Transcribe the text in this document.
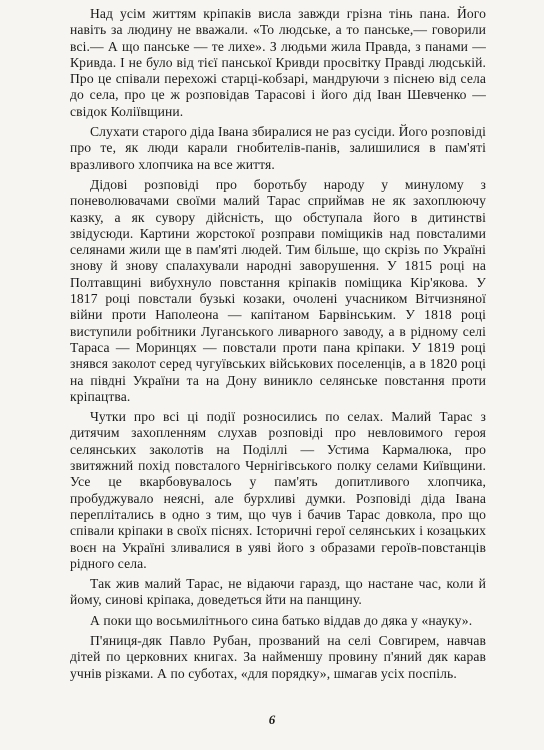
Над усім життям кріпаків висла завжди грізна тінь пана. Його навіть за людину не вважали. «То людське, а то панське,— говорили всі.— А що панське — те лихе». З людьми жила Правда, з панами — Кривда. І не було від тієї панської Кривди просвітку Правді людській. Про це співали перехожі старці-кобзарі, мандруючи з піснею від села до села, про це ж розповідав Тарасові і його дід Іван Шевченко — свідок Коліївщини.

Слухати старого діда Івана збиралися не раз сусіди. Його розповіді про те, як люди карали гнобителів-панів, залишилися в пам'яті вразливого хлопчика на все життя.

Дідові розповіді про боротьбу народу у минулому з поневолювачами своїми малий Тарас сприймав не як захоплюючу казку, а як сувору дійсність, що обступала його в дитинстві звідусюди. Картини жорстокої розправи поміщиків над повсталими селянами жили ще в пам'яті людей. Тим більше, що скрізь по Україні знову й знову спалахували народні заворушення. У 1815 році на Полтавщині вибухнуло повстання кріпаків поміщика Кір'якова. У 1817 році повстали бузькі козаки, очолені учасником Вітчизняної війни проти Наполеона — капітаном Барвінським. У 1818 році виступили робітники Луганського ливарного заводу, а в рідному селі Тараса — Моринцях — повстали проти пана кріпаки. У 1819 році знявся заколот серед чугуївських військових поселенців, а в 1820 році на півдні України та на Дону виникло селянське повстання проти кріпацтва.

Чутки про всі ці події розносились по селах. Малий Тарас з дитячим захопленням слухав розповіді про невловимого героя селянських заколотів на Поділлі — Устима Кармалюка, про звитяжний похід повсталого Чернігівського полку селами Київщини. Усе це вкарбовувалось у пам'ять допитливого хлопчика, пробуджувало неясні, але бурхливі думки. Розповіді діда Івана переплітались в одно з тим, що чув і бачив Тарас довкола, про що співали кріпаки в своїх піснях. Історичні герої селянських і козацьких воєн на Україні зливалися в уяві його з образами героїв-повстанців рідного села.

Так жив малий Тарас, не відаючи гаразд, що настане час, коли й йому, синові кріпака, доведеться йти на панщину.

А поки що восьмилітнього сина батько віддав до дяка у «науку».

П'яниця-дяк Павло Рубан, прозваний на селі Совгирем, навчав дітей по церковних книгах. За найменшу провину п'яний дяк карав учнів різками. А по суботах, «для порядку», шмагав усіх поспіль.

6
